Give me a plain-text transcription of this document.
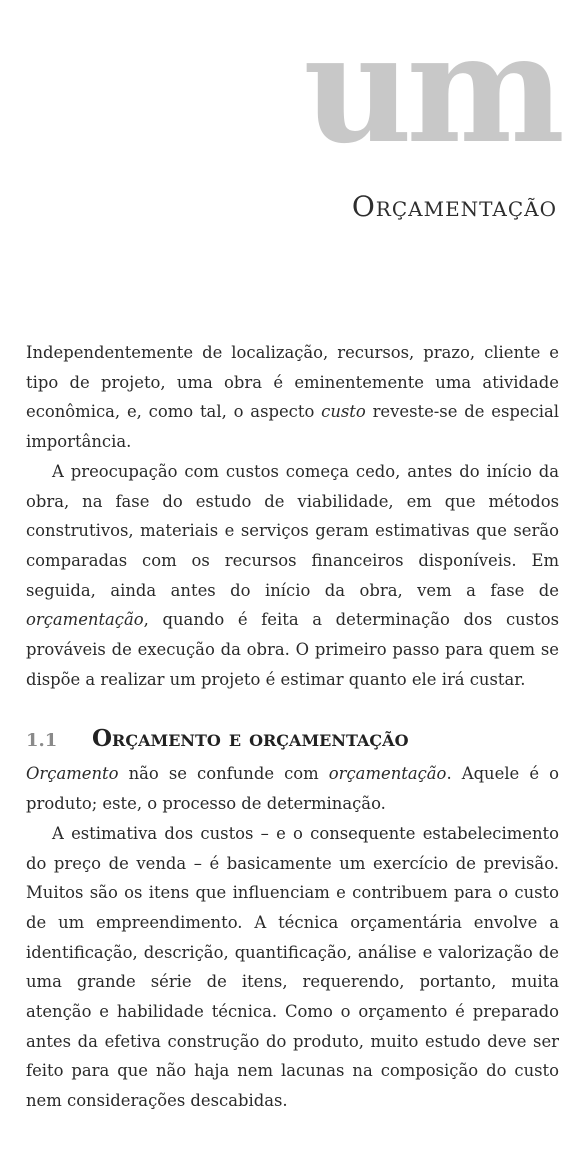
um
Orçamentação

Independentemente de localização, recursos, prazo, cliente e tipo de projeto, uma obra é eminentemente uma atividade econômica, e, como tal, o aspecto custo reveste-se de especial importância.

A preocupação com custos começa cedo, antes do início da obra, na fase do estudo de viabilidade, em que métodos construtivos, materiais e serviços geram estimativas que serão comparadas com os recursos financeiros disponíveis. Em seguida, ainda antes do início da obra, vem a fase de orçamentação, quando é feita a determinação dos custos prováveis de execução da obra. O primeiro passo para quem se dispõe a realizar um projeto é estimar quanto ele irá custar.

1.1	Orçamento e orçamentação

Orçamento não se confunde com orçamentação. Aquele é o produto; este, o processo de determinação.

A estimativa dos custos – e o consequente estabelecimento do preço de venda – é basicamente um exercício de previsão. Muitos são os itens que influenciam e contribuem para o custo de um empreendimento. A técnica orçamentária envolve a identificação, descrição, quantificação, análise e valorização de uma grande série de itens, requerendo, portanto, muita atenção e habilidade técnica. Como o orçamento é preparado antes da efetiva construção do produto, muito estudo deve ser feito para que não haja nem lacunas na composição do custo nem considerações descabidas.
